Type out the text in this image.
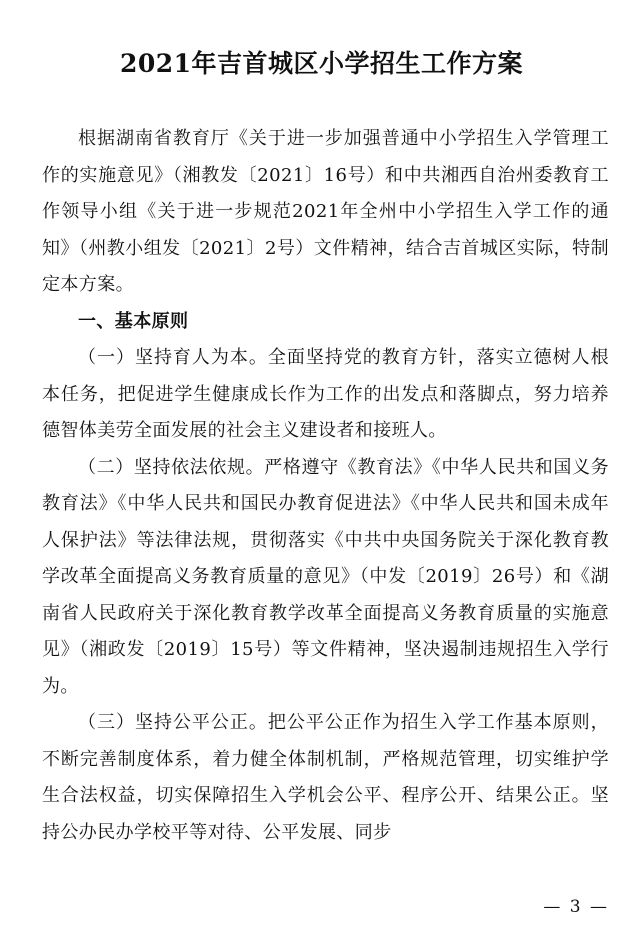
2021年吉首城区小学招生工作方案

根据湖南省教育厅《关于进一步加强普通中小学招生入学管理工作的实施意见》（湘教发〔2021〕16号）和中共湘西自治州委教育工作领导小组《关于进一步规范2021年全州中小学招生入学工作的通知》（州教小组发〔2021〕2号）文件精神，结合吉首城区实际，特制定本方案。

一、基本原则

（一）坚持育人为本。全面坚持党的教育方针，落实立德树人根本任务，把促进学生健康成长作为工作的出发点和落脚点，努力培养德智体美劳全面发展的社会主义建设者和接班人。

（二）坚持依法依规。严格遵守《教育法》《中华人民共和国义务教育法》《中华人民共和国民办教育促进法》《中华人民共和国未成年人保护法》等法律法规，贯彻落实《中共中央国务院关于深化教育教学改革全面提高义务教育质量的意见》（中发〔2019〕26号）和《湖南省人民政府关于深化教育教学改革全面提高义务教育质量的实施意见》（湘政发〔2019〕15号）等文件精神，坚决遏制违规招生入学行为。

（三）坚持公平公正。把公平公正作为招生入学工作基本原则，不断完善制度体系，着力健全体制机制，严格规范管理，切实维护学生合法权益，切实保障招生入学机会公平、程序公开、结果公正。坚持公办民办学校平等对待、公平发展、同步

— 3 —
